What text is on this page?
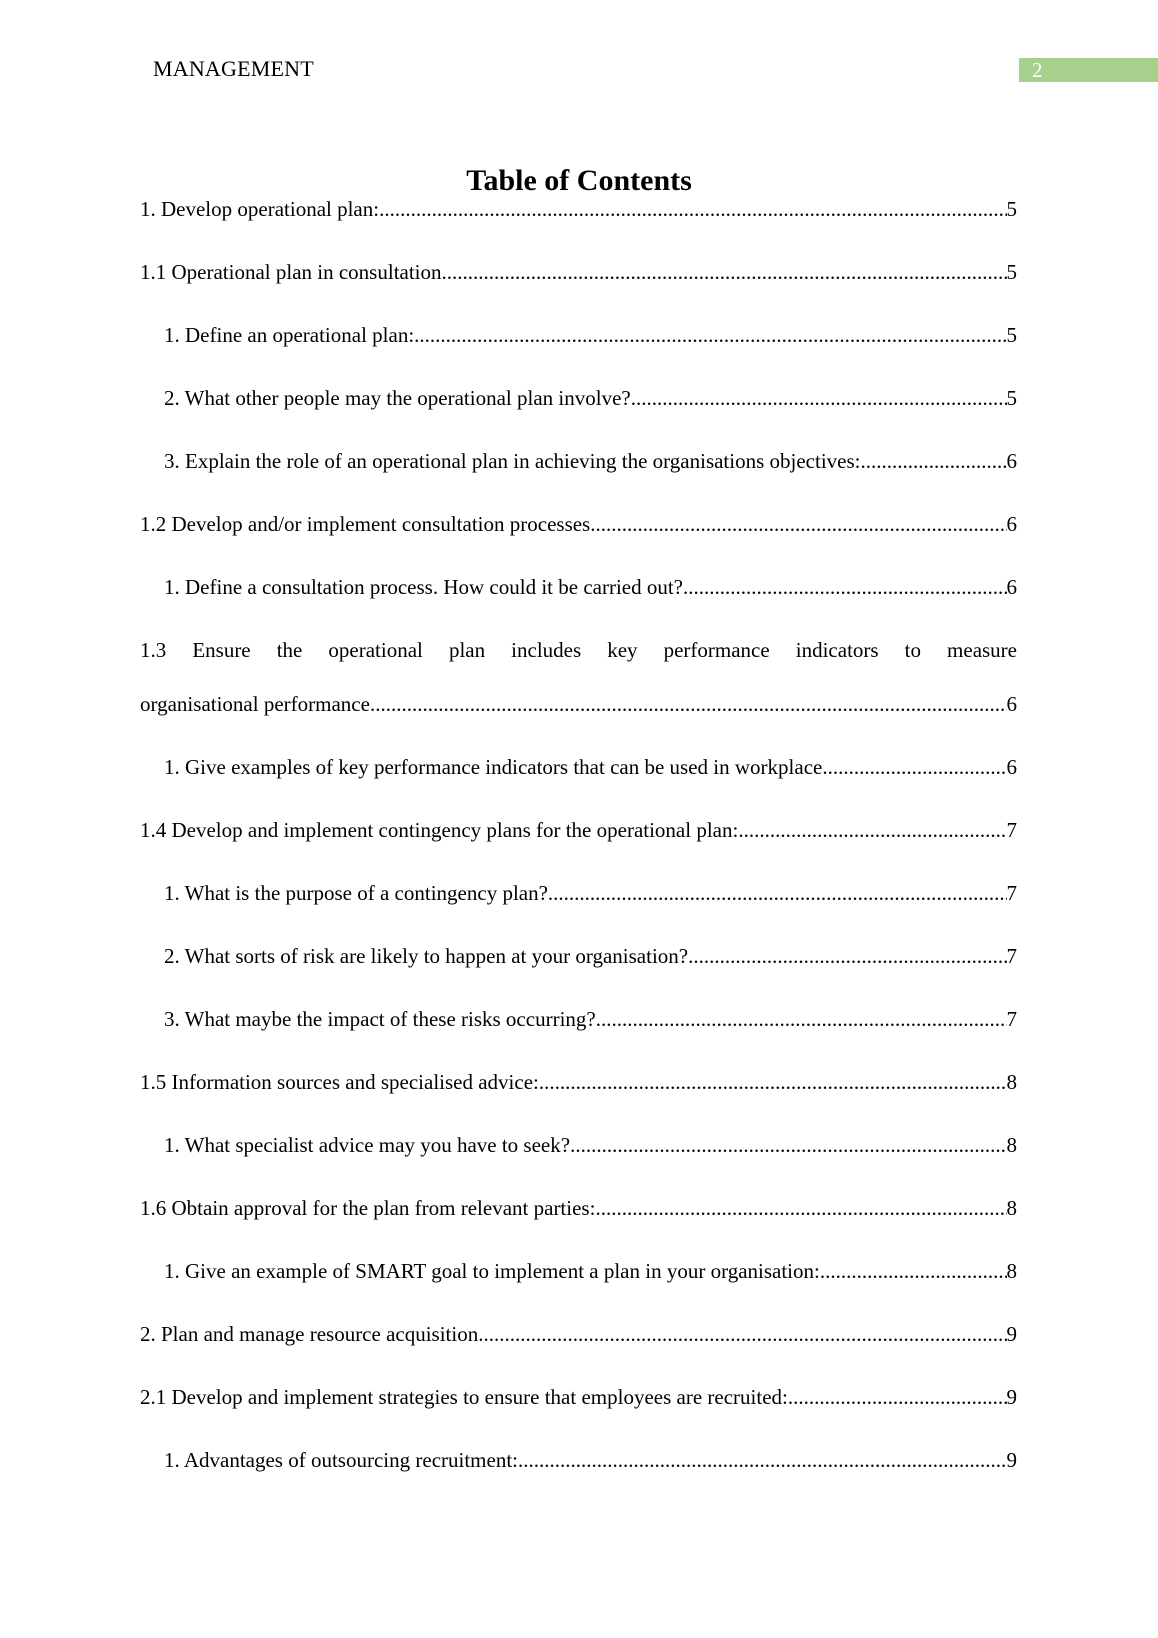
MANAGEMENT	2
Table of Contents
1. Develop operational plan: .....	5
1.1 Operational plan in consultation .....	5
1. Define an operational plan: .....	5
2. What other people may the operational plan involve? .....	5
3. Explain the role of an operational plan in achieving the organisations objectives: .....	6
1.2 Develop and/or implement consultation processes .....	6
1. Define a consultation process. How could it be carried out? .....	6
1.3 Ensure the operational plan includes key performance indicators to measure
organisational performance .....	6
1. Give examples of key performance indicators that can be used in workplace .....	6
1.4 Develop and implement contingency plans for the operational plan: .....	7
1. What is the purpose of a contingency plan? .....	7
2. What sorts of risk are likely to happen at your organisation? .....	7
3. What maybe the impact of these risks occurring? .....	7
1.5 Information sources and specialised advice: .....	8
1. What specialist advice may you have to seek? .....	8
1.6 Obtain approval for the plan from relevant parties: .....	8
1. Give an example of SMART goal to implement a plan in your organisation: .....	8
2. Plan and manage resource acquisition .....	9
2.1 Develop and implement strategies to ensure that employees are recruited: .....	9
1. Advantages of outsourcing recruitment: .....	9
